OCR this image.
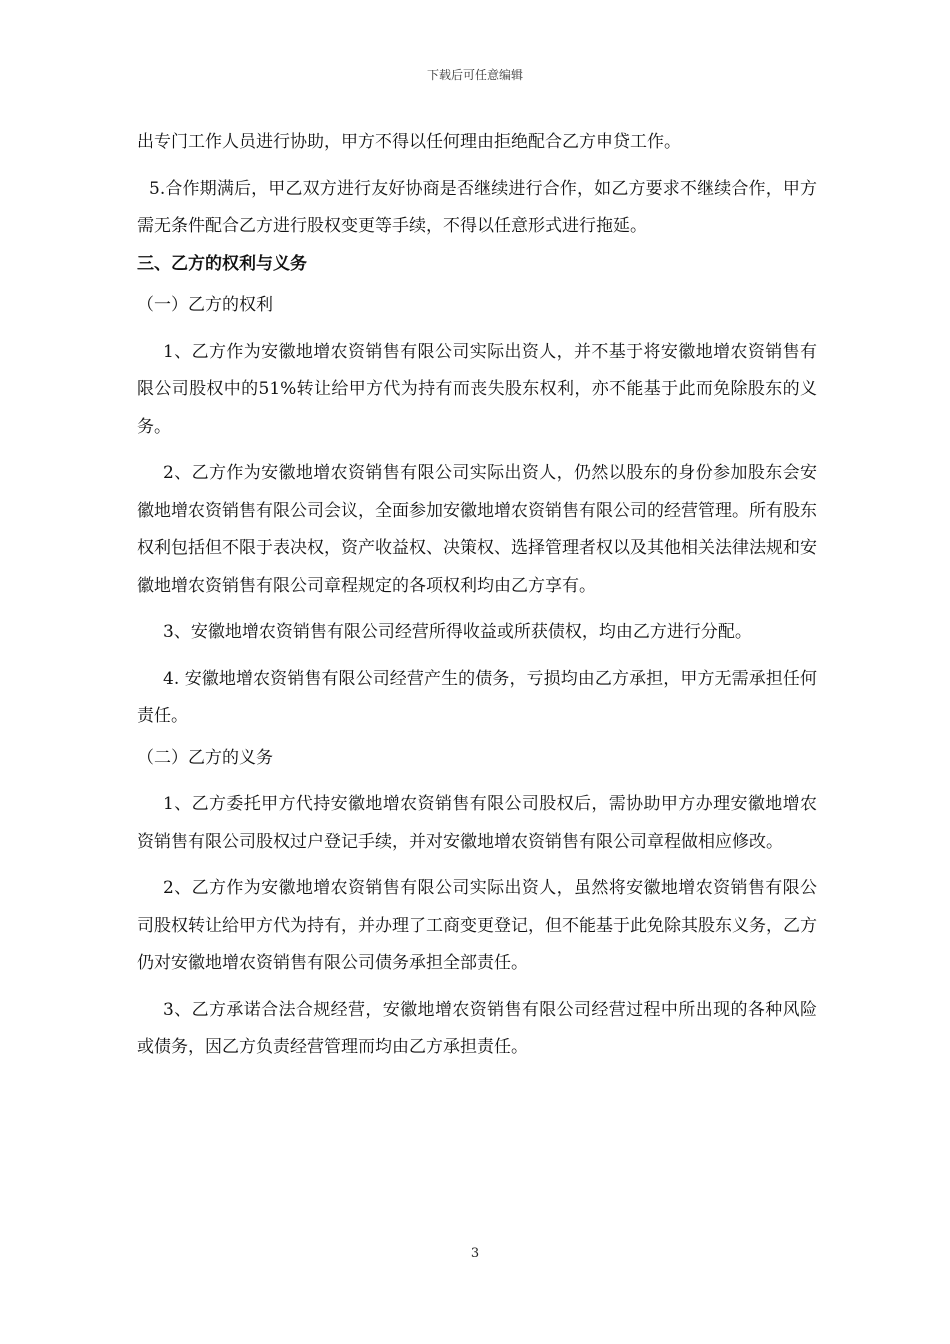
下载后可任意编辑

出专门工作人员进行协助，甲方不得以任何理由拒绝配合乙方申贷工作。

5.合作期满后，甲乙双方进行友好协商是否继续进行合作，如乙方要求不继续合作，甲方需无条件配合乙方进行股权变更等手续，不得以任意形式进行拖延。

三、乙方的权利与义务

（一）乙方的权利

1、乙方作为安徽地增农资销售有限公司实际出资人，并不基于将安徽地增农资销售有限公司股权中的51%转让给甲方代为持有而丧失股东权利，亦不能基于此而免除股东的义务。

2、乙方作为安徽地增农资销售有限公司实际出资人，仍然以股东的身份参加股东会安徽地增农资销售有限公司会议，全面参加安徽地增农资销售有限公司的经营管理。所有股东权利包括但不限于表决权，资产收益权、决策权、选择管理者权以及其他相关法律法规和安徽地增农资销售有限公司章程规定的各项权利均由乙方享有。

3、安徽地增农资销售有限公司经营所得收益或所获债权，均由乙方进行分配。

4. 安徽地增农资销售有限公司经营产生的债务，亏损均由乙方承担，甲方无需承担任何责任。

（二）乙方的义务

1、乙方委托甲方代持安徽地增农资销售有限公司股权后，需协助甲方办理安徽地增农资销售有限公司股权过户登记手续，并对安徽地增农资销售有限公司章程做相应修改。

2、乙方作为安徽地增农资销售有限公司实际出资人，虽然将安徽地增农资销售有限公司股权转让给甲方代为持有，并办理了工商变更登记，但不能基于此免除其股东义务，乙方仍对安徽地增农资销售有限公司债务承担全部责任。

3、乙方承诺合法合规经营，安徽地增农资销售有限公司经营过程中所出现的各种风险或债务，因乙方负责经营管理而均由乙方承担责任。

3
